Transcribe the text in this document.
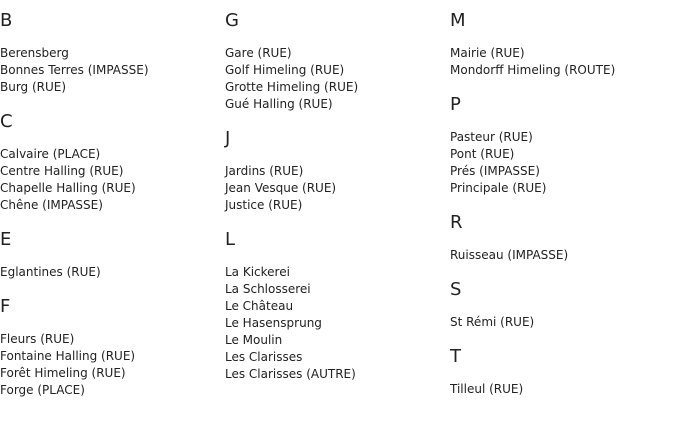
B
Berensberg
Bonnes Terres (IMPASSE)
Burg (RUE)
C
Calvaire (PLACE)
Centre Halling (RUE)
Chapelle Halling (RUE)
Chêne (IMPASSE)
E
Eglantines (RUE)
F
Fleurs (RUE)
Fontaine Halling (RUE)
Forêt Himeling (RUE)
Forge (PLACE)
G
Gare (RUE)
Golf Himeling (RUE)
Grotte Himeling (RUE)
Gué Halling (RUE)
J
Jardins (RUE)
Jean Vesque (RUE)
Justice (RUE)
L
La Kickerei
La Schlosserei
Le Château
Le Hasensprung
Le Moulin
Les Clarisses
Les Clarisses (AUTRE)
M
Mairie (RUE)
Mondorff Himeling (ROUTE)
P
Pasteur (RUE)
Pont (RUE)
Prés (IMPASSE)
Principale (RUE)
R
Ruisseau (IMPASSE)
S
St Rémi (RUE)
T
Tilleul (RUE)
